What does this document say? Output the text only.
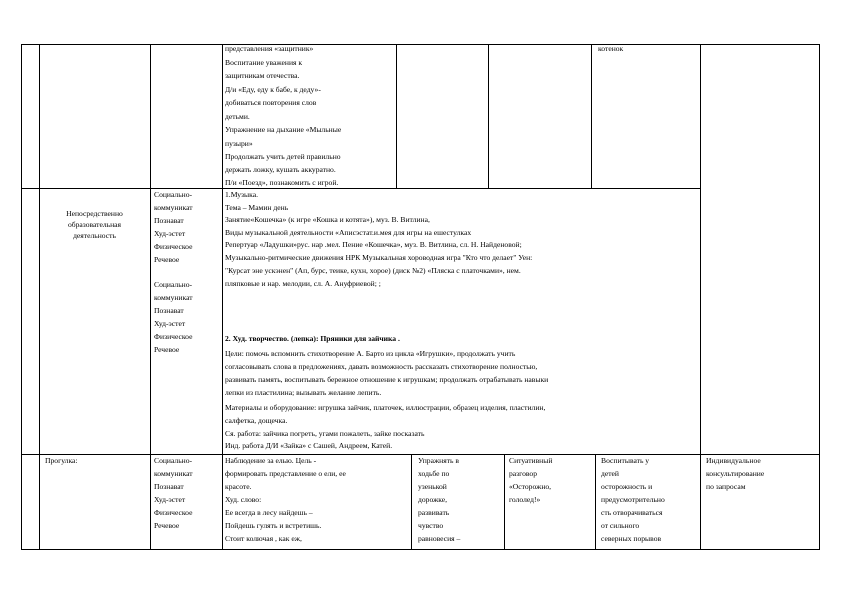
представления «защитник»
Воспитание уважения к
защитникам отечества.
Д/и «Еду, еду к бабе, к деду»-
добиваться повторения слов
детьми.
Упражнение на дыхание «Мыльные
пузыри»
Продолжать учить детей правильно
держать ложку, кушать аккуратно.
П/и «Поезд», познакомить с игрой.
котенок
Непосредственно
образовательная
деятельность
Социально-
коммуникат
Познават
Худ-эстет
Физическое
Речевое
Социально-
коммуникат
Познават
Худ-эстет
Физическое
Речевое
1.Музыка.
Тема – Мамин день
Занятие«Кошечка» (к игре «Кошка и котята»), муз. В. Витлина,
Виды музыкальной деятельности «Аписэстат.и.мея для игры на ешестулках
Репертуар «Ладушки»рус. нар .мел. Пение «Кошечка», муз. В. Витлина, сл. Н. Найденовой;
Музыкально-ритмические движения НРК Музыкальная хороводная игра "Кто что делает" Уен:
"Курсат эне ускэнен" (Ап, бурс, теике, кухн, хорое) (диск №2) «Пляска с платочками», нем.
пляпковые и нар. мелодии, сл. А. Ануфриевой; ;
2. Худ. творчество. (лепка): Пряники для зайчика .
Цели: помочь вспомнить стихотворение А. Барто из цикла «Игрушки», продолжать учить
согласовывать слова в предложениях, давать возможность рассказать стихотворение полностью,
развивать память, воспитывать бережное отношение к игрушкам; продолжать отрабатывать навыки
лепки из пластилина; вызывать желание лепить.
Материалы и оборудование: игрушка зайчик, платочек, иллюстрации, образец изделия, пластилин,
салфетка, дощечка.
Ся. работа: зайчика погреть, угами пожалеть, зайке посказать
Инд. работа Д/И «Зайка» с Сашей, Андреем, Катей.
Прогулка:	Социально-
коммуникат
Познават
Худ-эстет
Физическое
Речевое
Наблюдение за елью. Цель -
формировать представление о ели, ее
красоте.
Худ. слово:
Ее всегда в лесу найдешь –
Пойдешь гулять и встретишь.
Стоит колючая , как еж,
Упражнять в
ходьбе по
узенькой
дорожке,
развивать
чувство
равновесия –
Ситуативный
разговор
«Осторожно,
гололед!»
Воспитывать у
детей
осторожность и
предусмотрительно
сть отворачиваться
от сильного
северных порывов
Индивидуальное
консультирование
по запросам
